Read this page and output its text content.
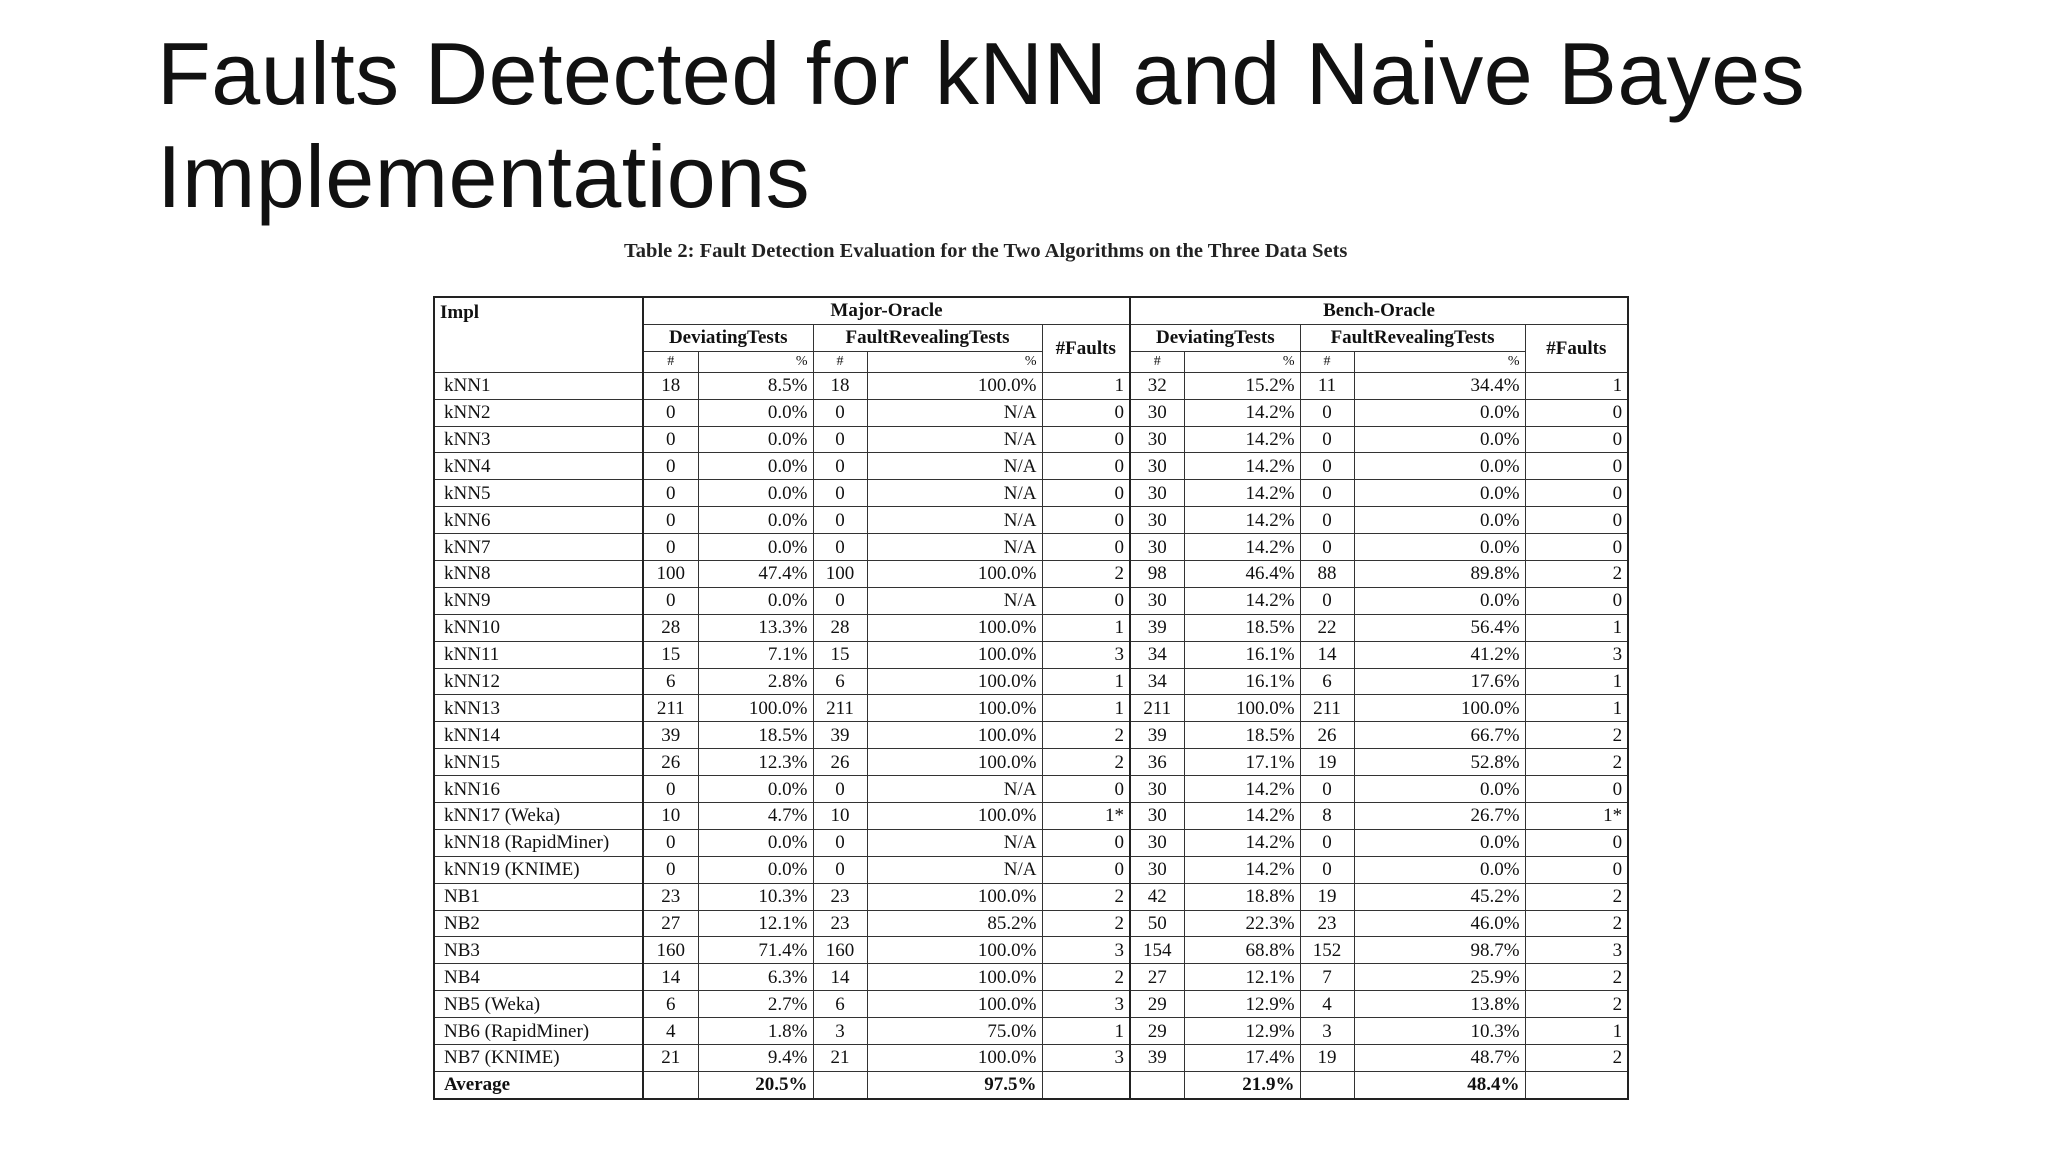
Faults Detected for kNN and Naive Bayes Implementations
Table 2: Fault Detection Evaluation for the Two Algorithms on the Three Data Sets
Impl	Major-Oracle					Bench-Oracle				
	DeviatingTests		FaultRevealingTests		#Faults	DeviatingTests		FaultRevealingTests		#Faults
	#	%	#	%		#	%	#	%	
kNN1	18	8.5%	18	100.0%	1	32	15.2%	11	34.4%	1
kNN2	0	0.0%	0	N/A	0	30	14.2%	0	0.0%	0
kNN3	0	0.0%	0	N/A	0	30	14.2%	0	0.0%	0
kNN4	0	0.0%	0	N/A	0	30	14.2%	0	0.0%	0
kNN5	0	0.0%	0	N/A	0	30	14.2%	0	0.0%	0
kNN6	0	0.0%	0	N/A	0	30	14.2%	0	0.0%	0
kNN7	0	0.0%	0	N/A	0	30	14.2%	0	0.0%	0
kNN8	100	47.4%	100	100.0%	2	98	46.4%	88	89.8%	2
kNN9	0	0.0%	0	N/A	0	30	14.2%	0	0.0%	0
kNN10	28	13.3%	28	100.0%	1	39	18.5%	22	56.4%	1
kNN11	15	7.1%	15	100.0%	3	34	16.1%	14	41.2%	3
kNN12	6	2.8%	6	100.0%	1	34	16.1%	6	17.6%	1
kNN13	211	100.0%	211	100.0%	1	211	100.0%	211	100.0%	1
kNN14	39	18.5%	39	100.0%	2	39	18.5%	26	66.7%	2
kNN15	26	12.3%	26	100.0%	2	36	17.1%	19	52.8%	2
kNN16	0	0.0%	0	N/A	0	30	14.2%	0	0.0%	0
kNN17 (Weka)	10	4.7%	10	100.0%	1*	30	14.2%	8	26.7%	1*
kNN18 (RapidMiner)	0	0.0%	0	N/A	0	30	14.2%	0	0.0%	0
kNN19 (KNIME)	0	0.0%	0	N/A	0	30	14.2%	0	0.0%	0
NB1	23	10.3%	23	100.0%	2	42	18.8%	19	45.2%	2
NB2	27	12.1%	23	85.2%	2	50	22.3%	23	46.0%	2
NB3	160	71.4%	160	100.0%	3	154	68.8%	152	98.7%	3
NB4	14	6.3%	14	100.0%	2	27	12.1%	7	25.9%	2
NB5 (Weka)	6	2.7%	6	100.0%	3	29	12.9%	4	13.8%	2
NB6 (RapidMiner)	4	1.8%	3	75.0%	1	29	12.9%	3	10.3%	1
NB7 (KNIME)	21	9.4%	21	100.0%	3	39	17.4%	19	48.7%	2
Average		20.5%		97.5%			21.9%		48.4%	
